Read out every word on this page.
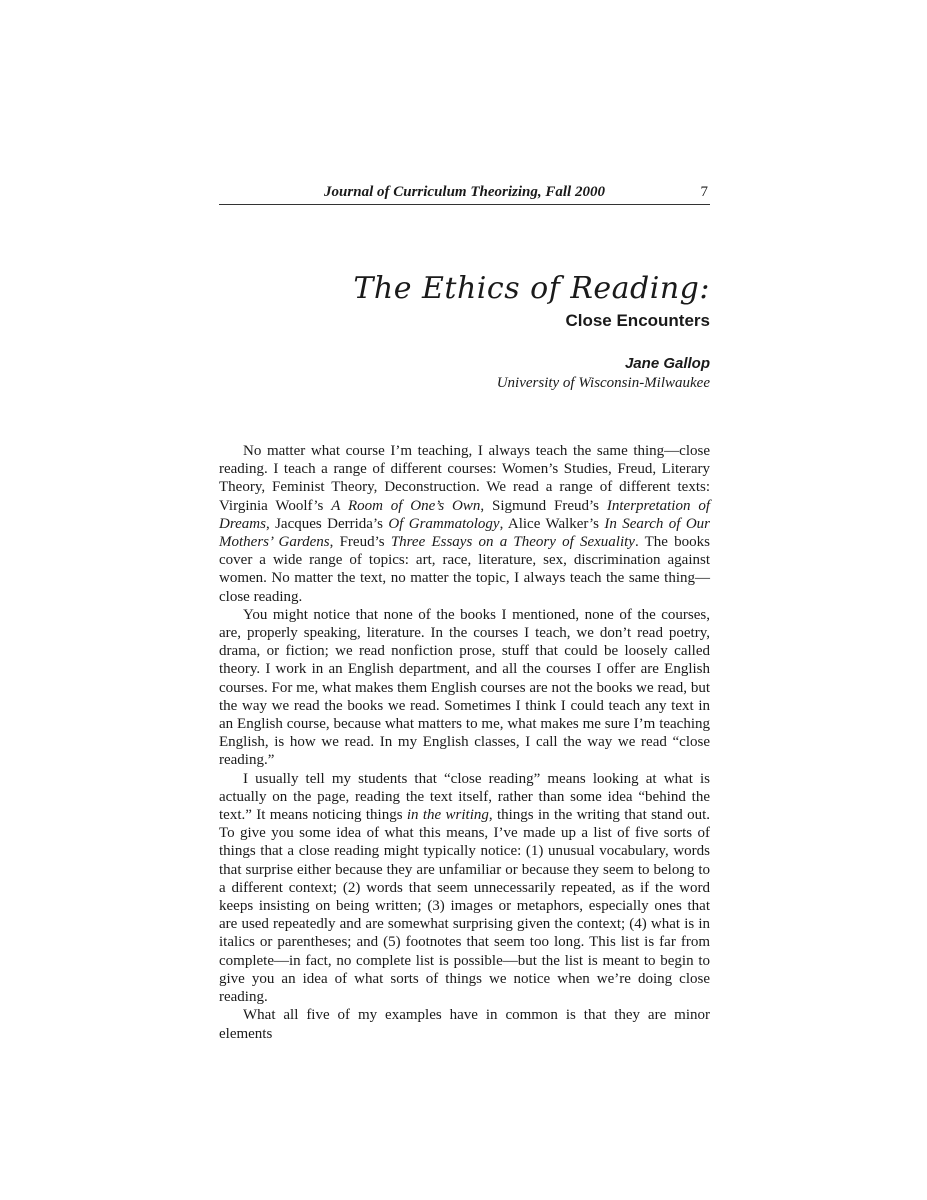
Journal of Curriculum Theorizing, Fall 2000	7
The Ethics of Reading:
Close Encounters
Jane Gallop
University of Wisconsin-Milwaukee

No matter what course I’m teaching, I always teach the same thing—close reading. I teach a range of different courses: Women’s Studies, Freud, Literary Theory, Feminist Theory, Deconstruction. We read a range of different texts: Virginia Woolf’s A Room of One’s Own, Sigmund Freud’s Interpretation of Dreams, Jacques Derrida’s Of Grammatology, Alice Walker’s In Search of Our Mothers’ Gardens, Freud’s Three Essays on a Theory of Sexuality. The books cover a wide range of topics: art, race, literature, sex, discrimination against women. No matter the text, no matter the topic, I always teach the same thing—close reading.

You might notice that none of the books I mentioned, none of the courses, are, properly speaking, literature. In the courses I teach, we don’t read poetry, drama, or fiction; we read nonfiction prose, stuff that could be loosely called theory. I work in an English department, and all the courses I offer are English courses. For me, what makes them English courses are not the books we read, but the way we read the books we read. Sometimes I think I could teach any text in an English course, because what matters to me, what makes me sure I’m teaching English, is how we read. In my English classes, I call the way we read “close reading.”

I usually tell my students that “close reading” means looking at what is actually on the page, reading the text itself, rather than some idea “behind the text.” It means noticing things in the writing, things in the writing that stand out. To give you some idea of what this means, I’ve made up a list of five sorts of things that a close reading might typically notice: (1) unusual vocabulary, words that surprise either because they are unfamiliar or because they seem to belong to a different context; (2) words that seem unnecessarily repeated, as if the word keeps insisting on being written; (3) images or metaphors, especially ones that are used repeatedly and are somewhat surprising given the context; (4) what is in italics or parentheses; and (5) footnotes that seem too long. This list is far from complete—in fact, no complete list is possible—but the list is meant to begin to give you an idea of what sorts of things we notice when we’re doing close reading.

What all five of my examples have in common is that they are minor elements
